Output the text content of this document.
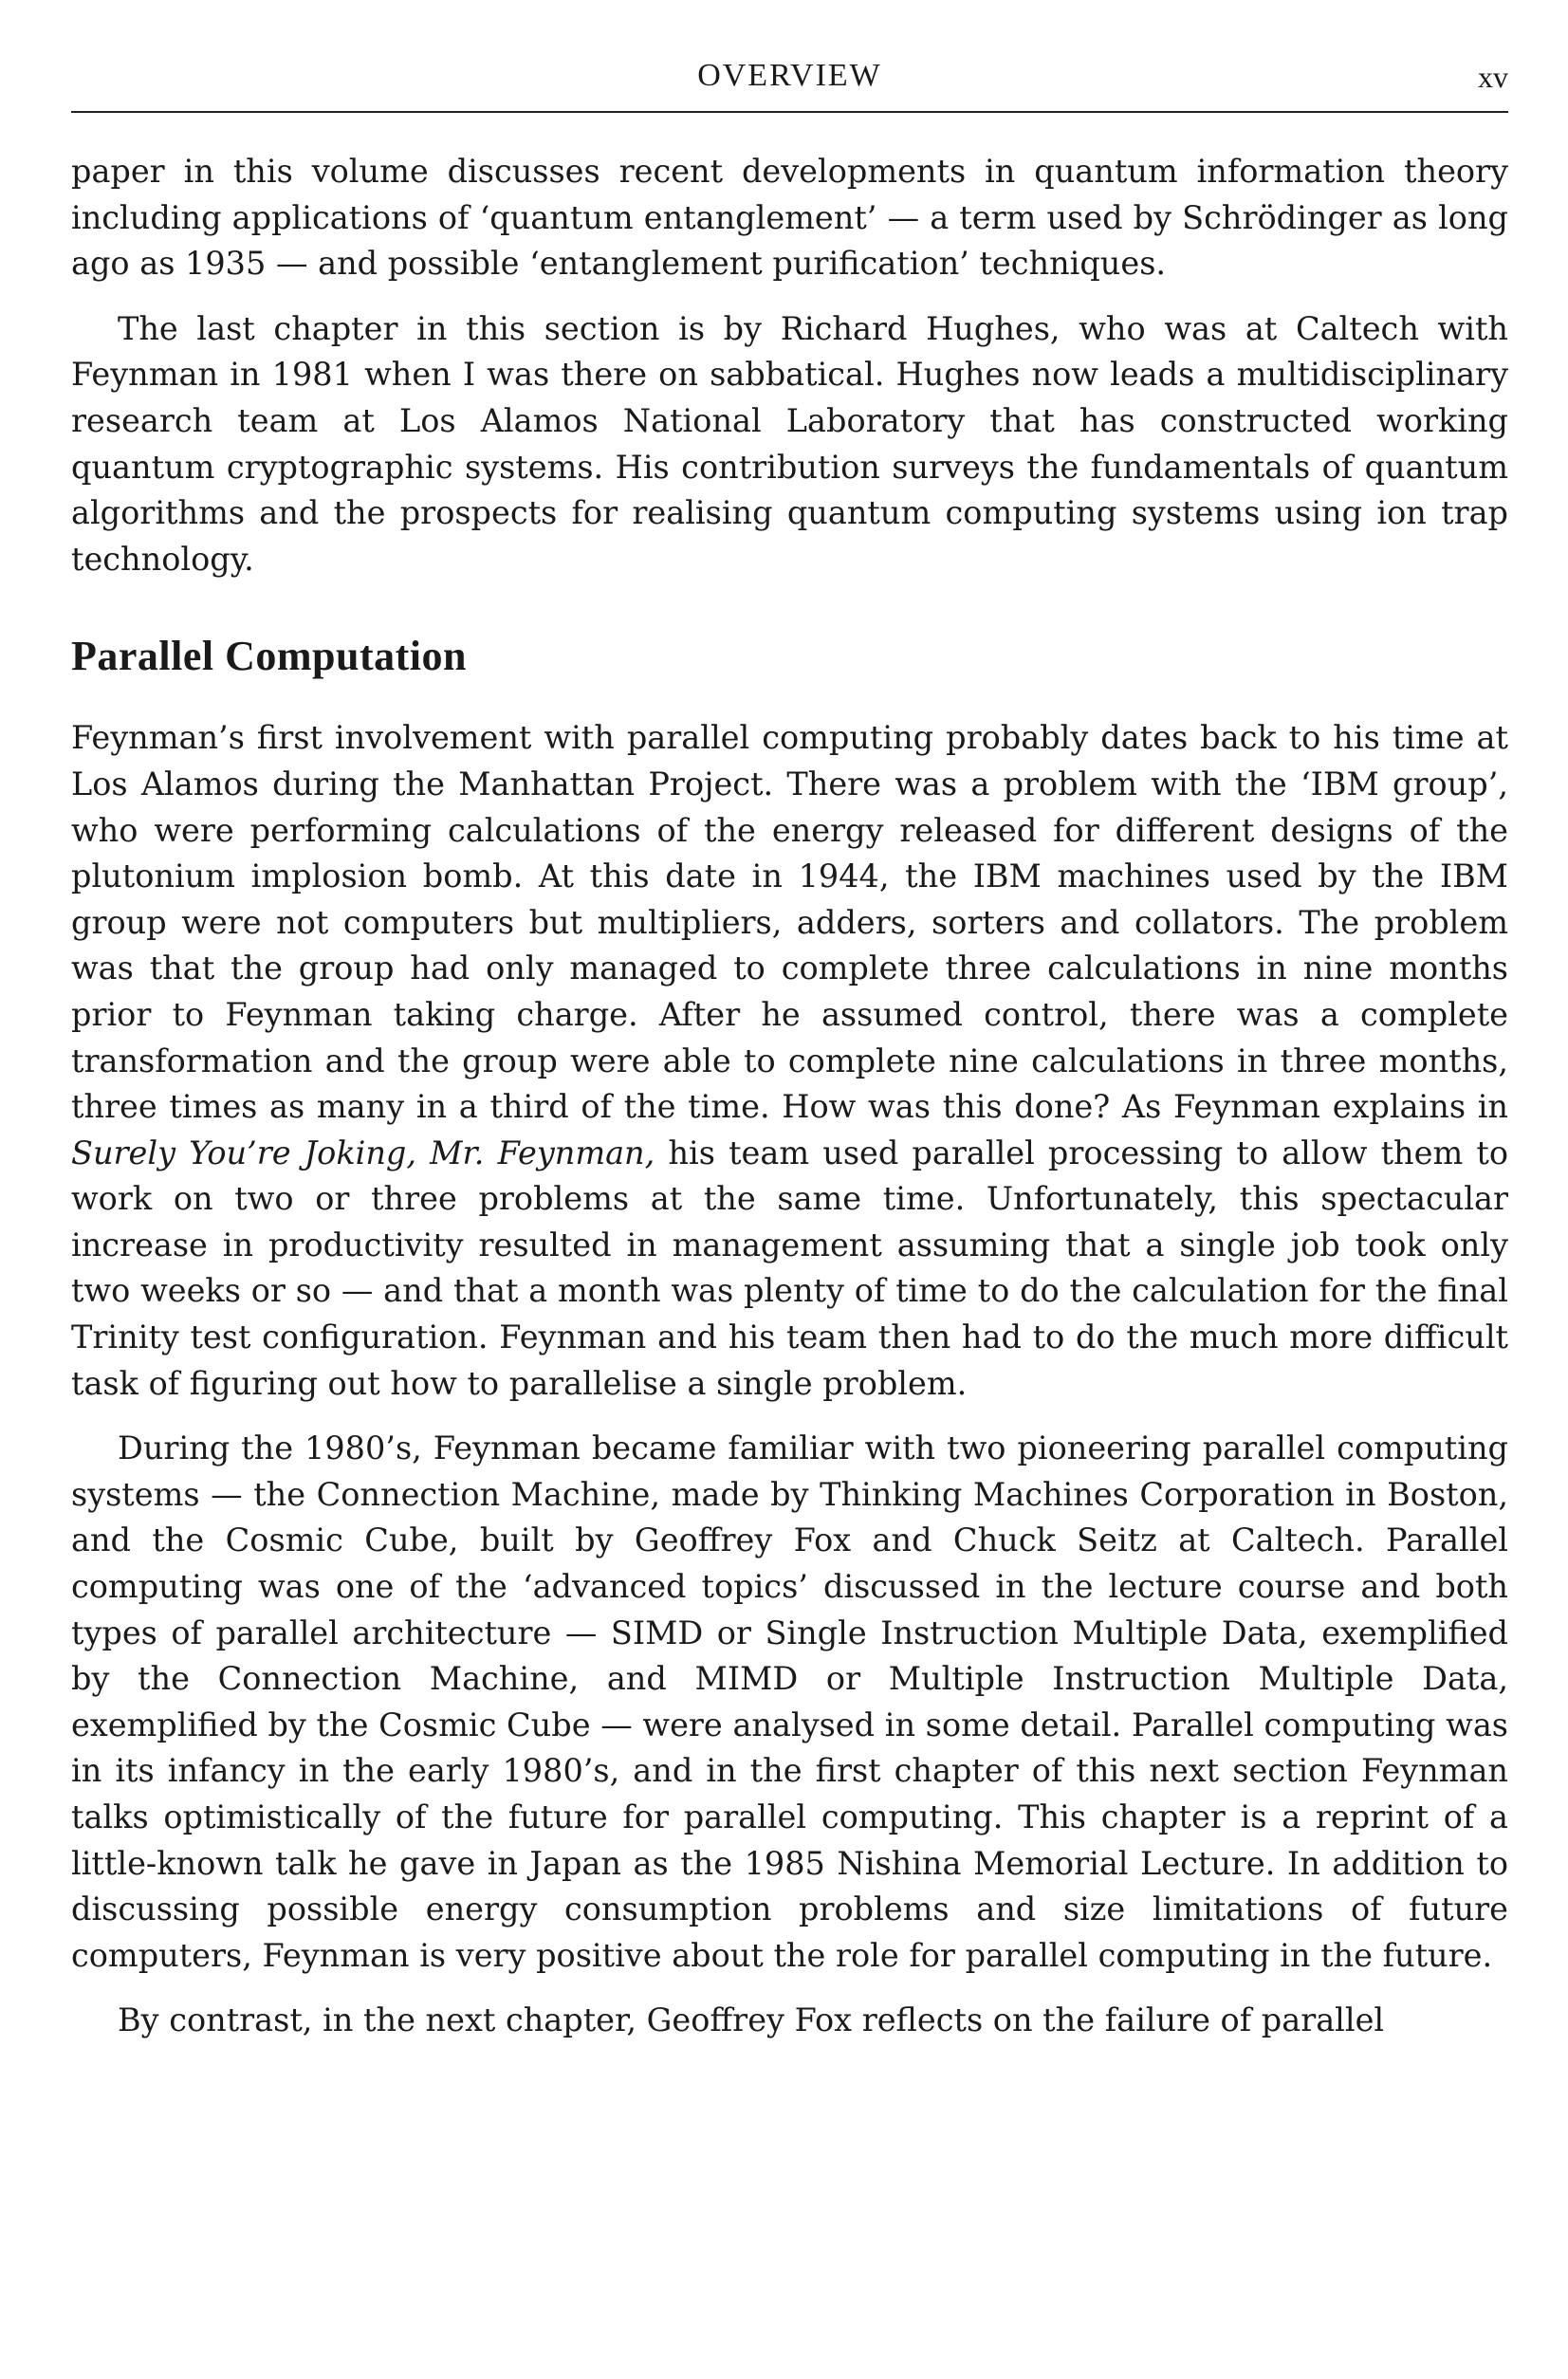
OVERVIEW	xv

paper in this volume discusses recent developments in quantum information theory including applications of ‘quantum entanglement’ — a term used by Schrödinger as long ago as 1935 — and possible ‘entanglement purification’ techniques.

The last chapter in this section is by Richard Hughes, who was at Caltech with Feynman in 1981 when I was there on sabbatical. Hughes now leads a multidisciplinary research team at Los Alamos National Laboratory that has constructed working quantum cryptographic systems. His contribution surveys the fundamentals of quantum algorithms and the prospects for realising quantum computing systems using ion trap technology.

Parallel Computation

Feynman’s first involvement with parallel computing probably dates back to his time at Los Alamos during the Manhattan Project. There was a problem with the ‘IBM group’, who were performing calculations of the energy released for different designs of the plutonium implosion bomb. At this date in 1944, the IBM machines used by the IBM group were not computers but multipliers, adders, sorters and collators. The problem was that the group had only managed to complete three calculations in nine months prior to Feynman taking charge. After he assumed control, there was a complete transformation and the group were able to complete nine calculations in three months, three times as many in a third of the time. How was this done? As Feynman explains in Surely You’re Joking, Mr. Feynman, his team used parallel processing to allow them to work on two or three problems at the same time. Unfortunately, this spectacular increase in productivity resulted in management assuming that a single job took only two weeks or so — and that a month was plenty of time to do the calculation for the final Trinity test configuration. Feynman and his team then had to do the much more difficult task of figuring out how to parallelise a single problem.

During the 1980’s, Feynman became familiar with two pioneering parallel computing systems — the Connection Machine, made by Thinking Machines Corporation in Boston, and the Cosmic Cube, built by Geoffrey Fox and Chuck Seitz at Caltech. Parallel computing was one of the ‘advanced topics’ discussed in the lecture course and both types of parallel architecture — SIMD or Single Instruction Multiple Data, exemplified by the Connection Machine, and MIMD or Multiple Instruction Multiple Data, exemplified by the Cosmic Cube — were analysed in some detail. Parallel computing was in its infancy in the early 1980’s, and in the first chapter of this next section Feynman talks optimistically of the future for parallel computing. This chapter is a reprint of a little-known talk he gave in Japan as the 1985 Nishina Memorial Lecture. In addition to discussing possible energy consumption problems and size limitations of future computers, Feynman is very positive about the role for parallel computing in the future.

By contrast, in the next chapter, Geoffrey Fox reflects on the failure of parallel
